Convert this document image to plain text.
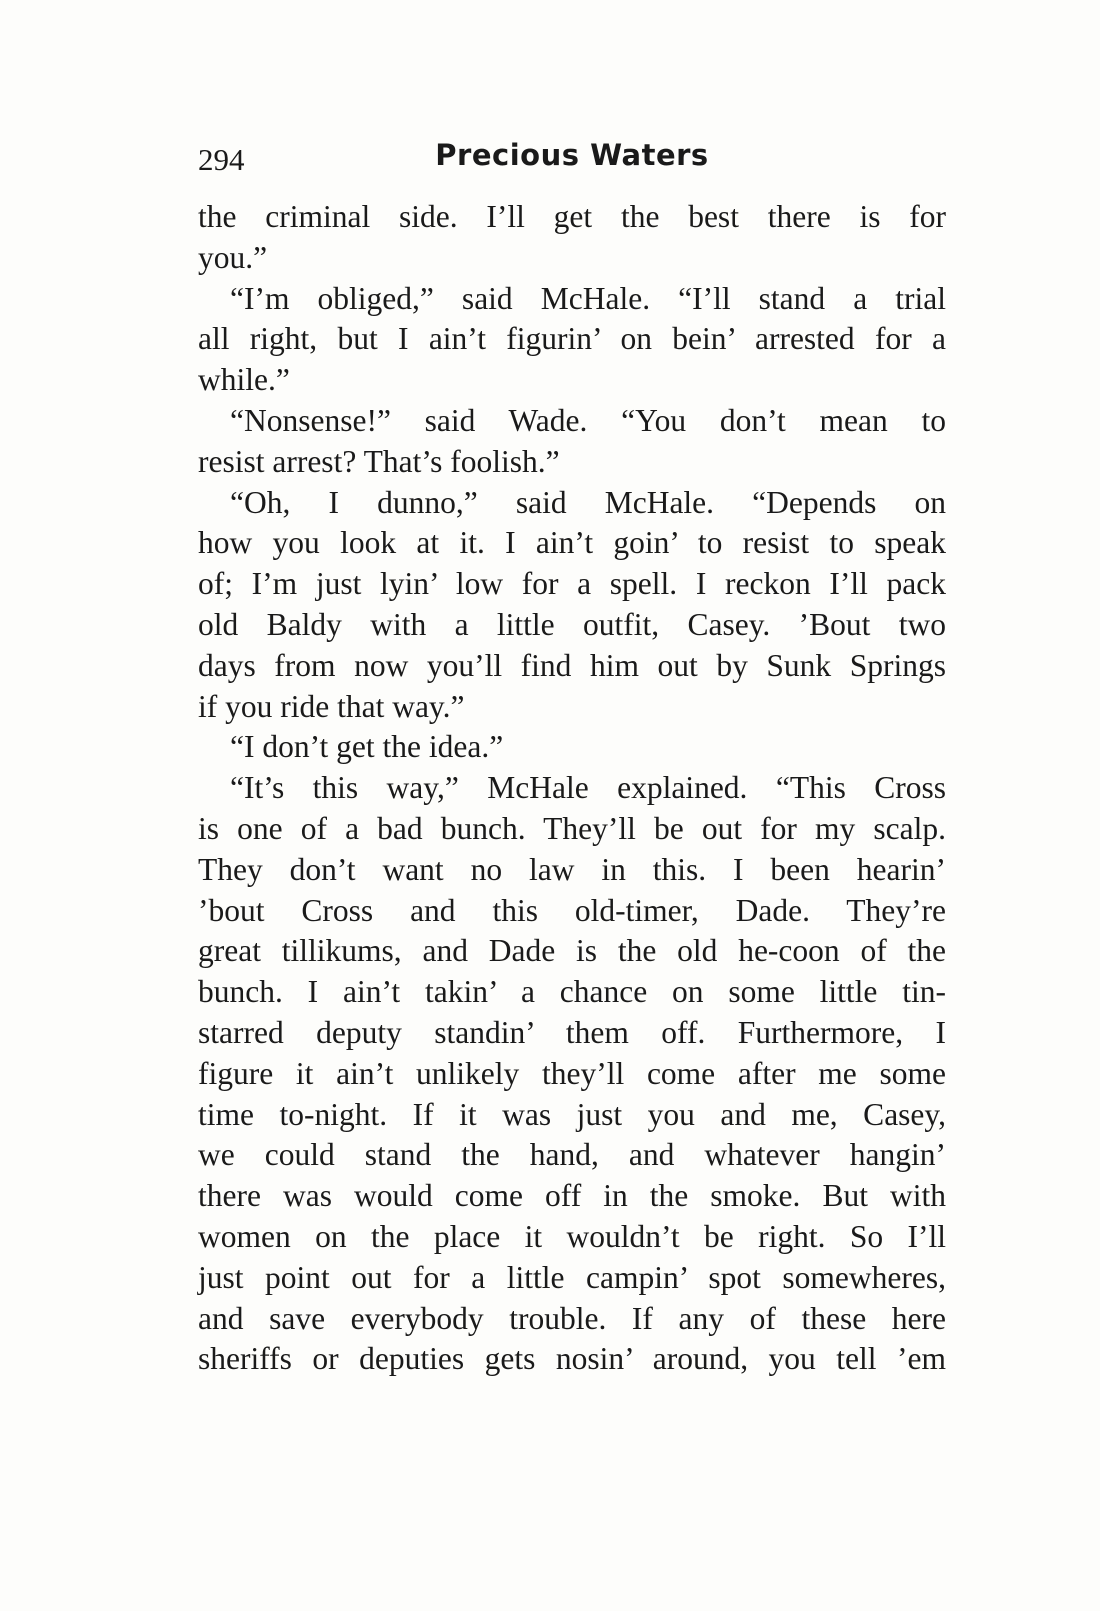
294	Precious Waters
the criminal side. I’ll get the best there is for
you.”
“I’m obliged,” said McHale. “I’ll stand a trial
all right, but I ain’t figurin’ on bein’ arrested for a
while.”
“Nonsense!” said Wade. “You don’t mean to
resist arrest? That’s foolish.”
“Oh, I dunno,” said McHale. “Depends on
how you look at it. I ain’t goin’ to resist to speak
of; I’m just lyin’ low for a spell. I reckon I’ll pack
old Baldy with a little outfit, Casey. ’Bout two
days from now you’ll find him out by Sunk Springs
if you ride that way.”
“I don’t get the idea.”
“It’s this way,” McHale explained. “This Cross
is one of a bad bunch. They’ll be out for my scalp.
They don’t want no law in this. I been hearin’
’bout Cross and this old-timer, Dade. They’re
great tillikums, and Dade is the old he-coon of the
bunch. I ain’t takin’ a chance on some little tin-
starred deputy standin’ them off. Furthermore, I
figure it ain’t unlikely they’ll come after me some
time to-night. If it was just you and me, Casey,
we could stand the hand, and whatever hangin’
there was would come off in the smoke. But with
women on the place it wouldn’t be right. So I’ll
just point out for a little campin’ spot somewheres,
and save everybody trouble. If any of these here
sheriffs or deputies gets nosin’ around, you tell ’em
